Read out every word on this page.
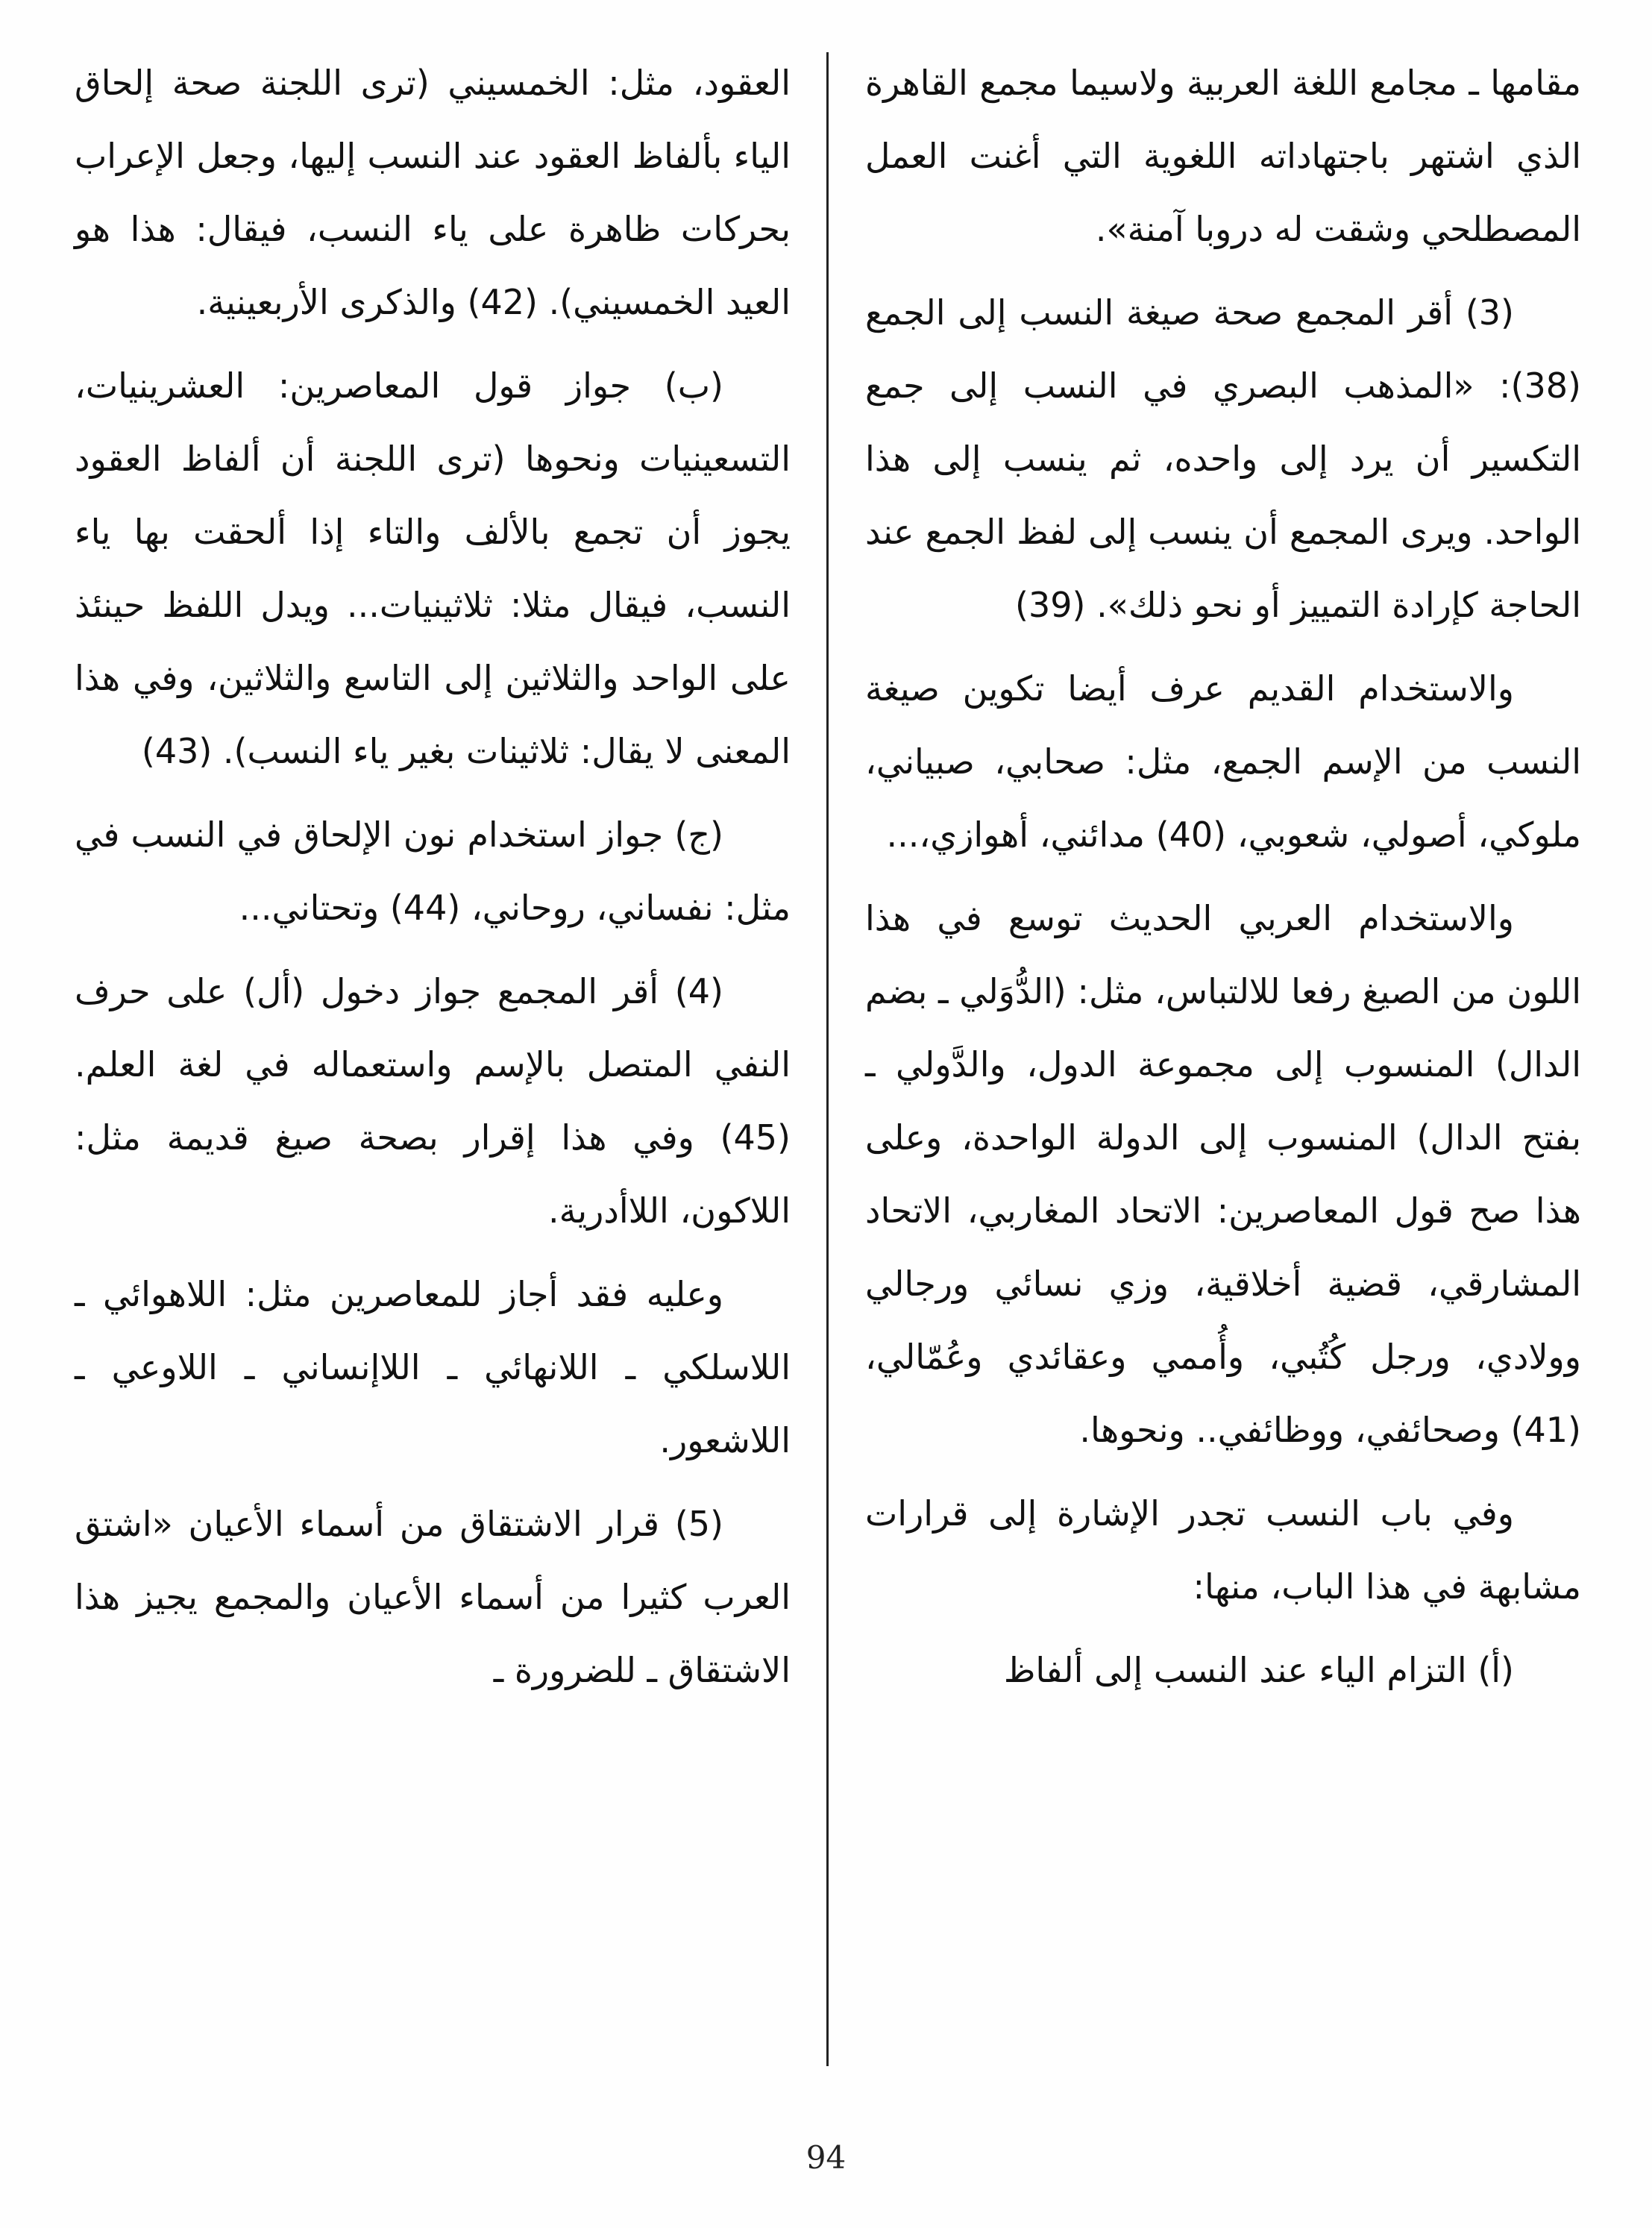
مقامها ـ مجامع اللغة العربية ولاسيما مجمع القاهرة الذي اشتهر باجتهاداته اللغوية التي أغنت العمل المصطلحي وشقت له دروبا آمنة».

(3) أقر المجمع صحة صيغة النسب إلى الجمع (38): «المذهب البصري في النسب إلى جمع التكسير أن يرد إلى واحده، ثم ينسب إلى هذا الواحد. ويرى المجمع أن ينسب إلى لفظ الجمع عند الحاجة كإرادة التمييز أو نحو ذلك». (39)

والاستخدام القديم عرف أيضا تكوين صيغة النسب من الإسم الجمع، مثل: صحابي، صبياني، ملوكي، أصولي، شعوبي، (40) مدائني، أهوازي،...

والاستخدام العربي الحديث توسع في هذا اللون من الصيغ رفعا للالتباس، مثل: (الدُّوَلي ـ بضم الدال) المنسوب إلى مجموعة الدول، والدَّولي ـ بفتح الدال) المنسوب إلى الدولة الواحدة، وعلى هذا صح قول المعاصرين: الاتحاد المغاربي، الاتحاد المشارقي، قضية أخلاقية، وزي نسائي ورجالي وولادي، ورجل كُتُبي، وأُممي وعقائدي وعُمّالي، (41) وصحائفي، ووظائفي.. ونحوها.

وفي باب النسب تجدر الإشارة إلى قرارات مشابهة في هذا الباب، منها:

(أ) التزام الياء عند النسب إلى ألفاظ

العقود، مثل: الخمسيني (ترى اللجنة صحة إلحاق الياء بألفاظ العقود عند النسب إليها، وجعل الإعراب بحركات ظاهرة على ياء النسب، فيقال: هذا هو العيد الخمسيني). (42) والذكرى الأربعينية.

(ب) جواز قول المعاصرين: العشرينيات، التسعينيات ونحوها (ترى اللجنة أن ألفاظ العقود يجوز أن تجمع بالألف والتاء إذا ألحقت بها ياء النسب، فيقال مثلا: ثلاثينيات... ويدل اللفظ حينئذ على الواحد والثلاثين إلى التاسع والثلاثين، وفي هذا المعنى لا يقال: ثلاثينات بغير ياء النسب). (43)

(ج) جواز استخدام نون الإلحاق في النسب في مثل: نفساني، روحاني، (44) وتحتاني...

(4) أقر المجمع جواز دخول (أل) على حرف النفي المتصل بالإسم واستعماله في لغة العلم. (45) وفي هذا إقرار بصحة صيغ قديمة مثل: اللاكون، اللاأدرية.

وعليه فقد أجاز للمعاصرين مثل: اللاهوائي ـ اللاسلكي ـ اللانهائي ـ اللاإنساني ـ اللاوعي ـ اللاشعور.

(5) قرار الاشتقاق من أسماء الأعيان «اشتق العرب كثيرا من أسماء الأعيان والمجمع يجيز هذا الاشتقاق ـ للضرورة ـ

94
